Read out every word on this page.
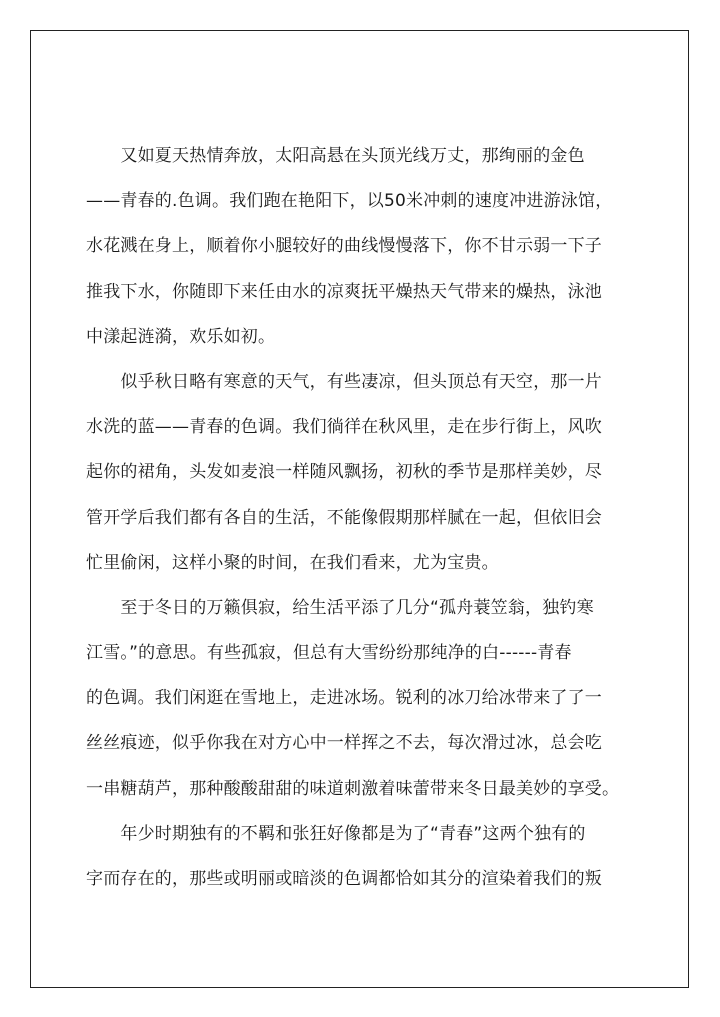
　　又如夏天热情奔放，太阳高悬在头顶光线万丈，那绚丽的金色
——青春的.色调。我们跑在艳阳下，以50米冲刺的速度冲进游泳馆，
水花溅在身上，顺着你小腿较好的曲线慢慢落下，你不甘示弱一下子
推我下水，你随即下来任由水的凉爽抚平燥热天气带来的燥热，泳池
中漾起涟漪，欢乐如初。
　　似乎秋日略有寒意的天气，有些凄凉，但头顶总有天空，那一片
水洗的蓝——青春的色调。我们徜徉在秋风里，走在步行街上，风吹
起你的裙角，头发如麦浪一样随风飘扬，初秋的季节是那样美妙，尽
管开学后我们都有各自的生活，不能像假期那样腻在一起，但依旧会
忙里偷闲，这样小聚的时间，在我们看来，尤为宝贵。
　　至于冬日的万籁俱寂，给生活平添了几分“孤舟蓑笠翁，独钓寒
江雪。”的意思。有些孤寂，但总有大雪纷纷那纯净的白------青春
的色调。我们闲逛在雪地上，走进冰场。锐利的冰刀给冰带来了了一
丝丝痕迹，似乎你我在对方心中一样挥之不去，每次滑过冰，总会吃
一串糖葫芦，那种酸酸甜甜的味道刺激着味蕾带来冬日最美妙的享受。
　　年少时期独有的不羁和张狂好像都是为了“青春”这两个独有的
字而存在的，那些或明丽或暗淡的色调都恰如其分的渲染着我们的叛
